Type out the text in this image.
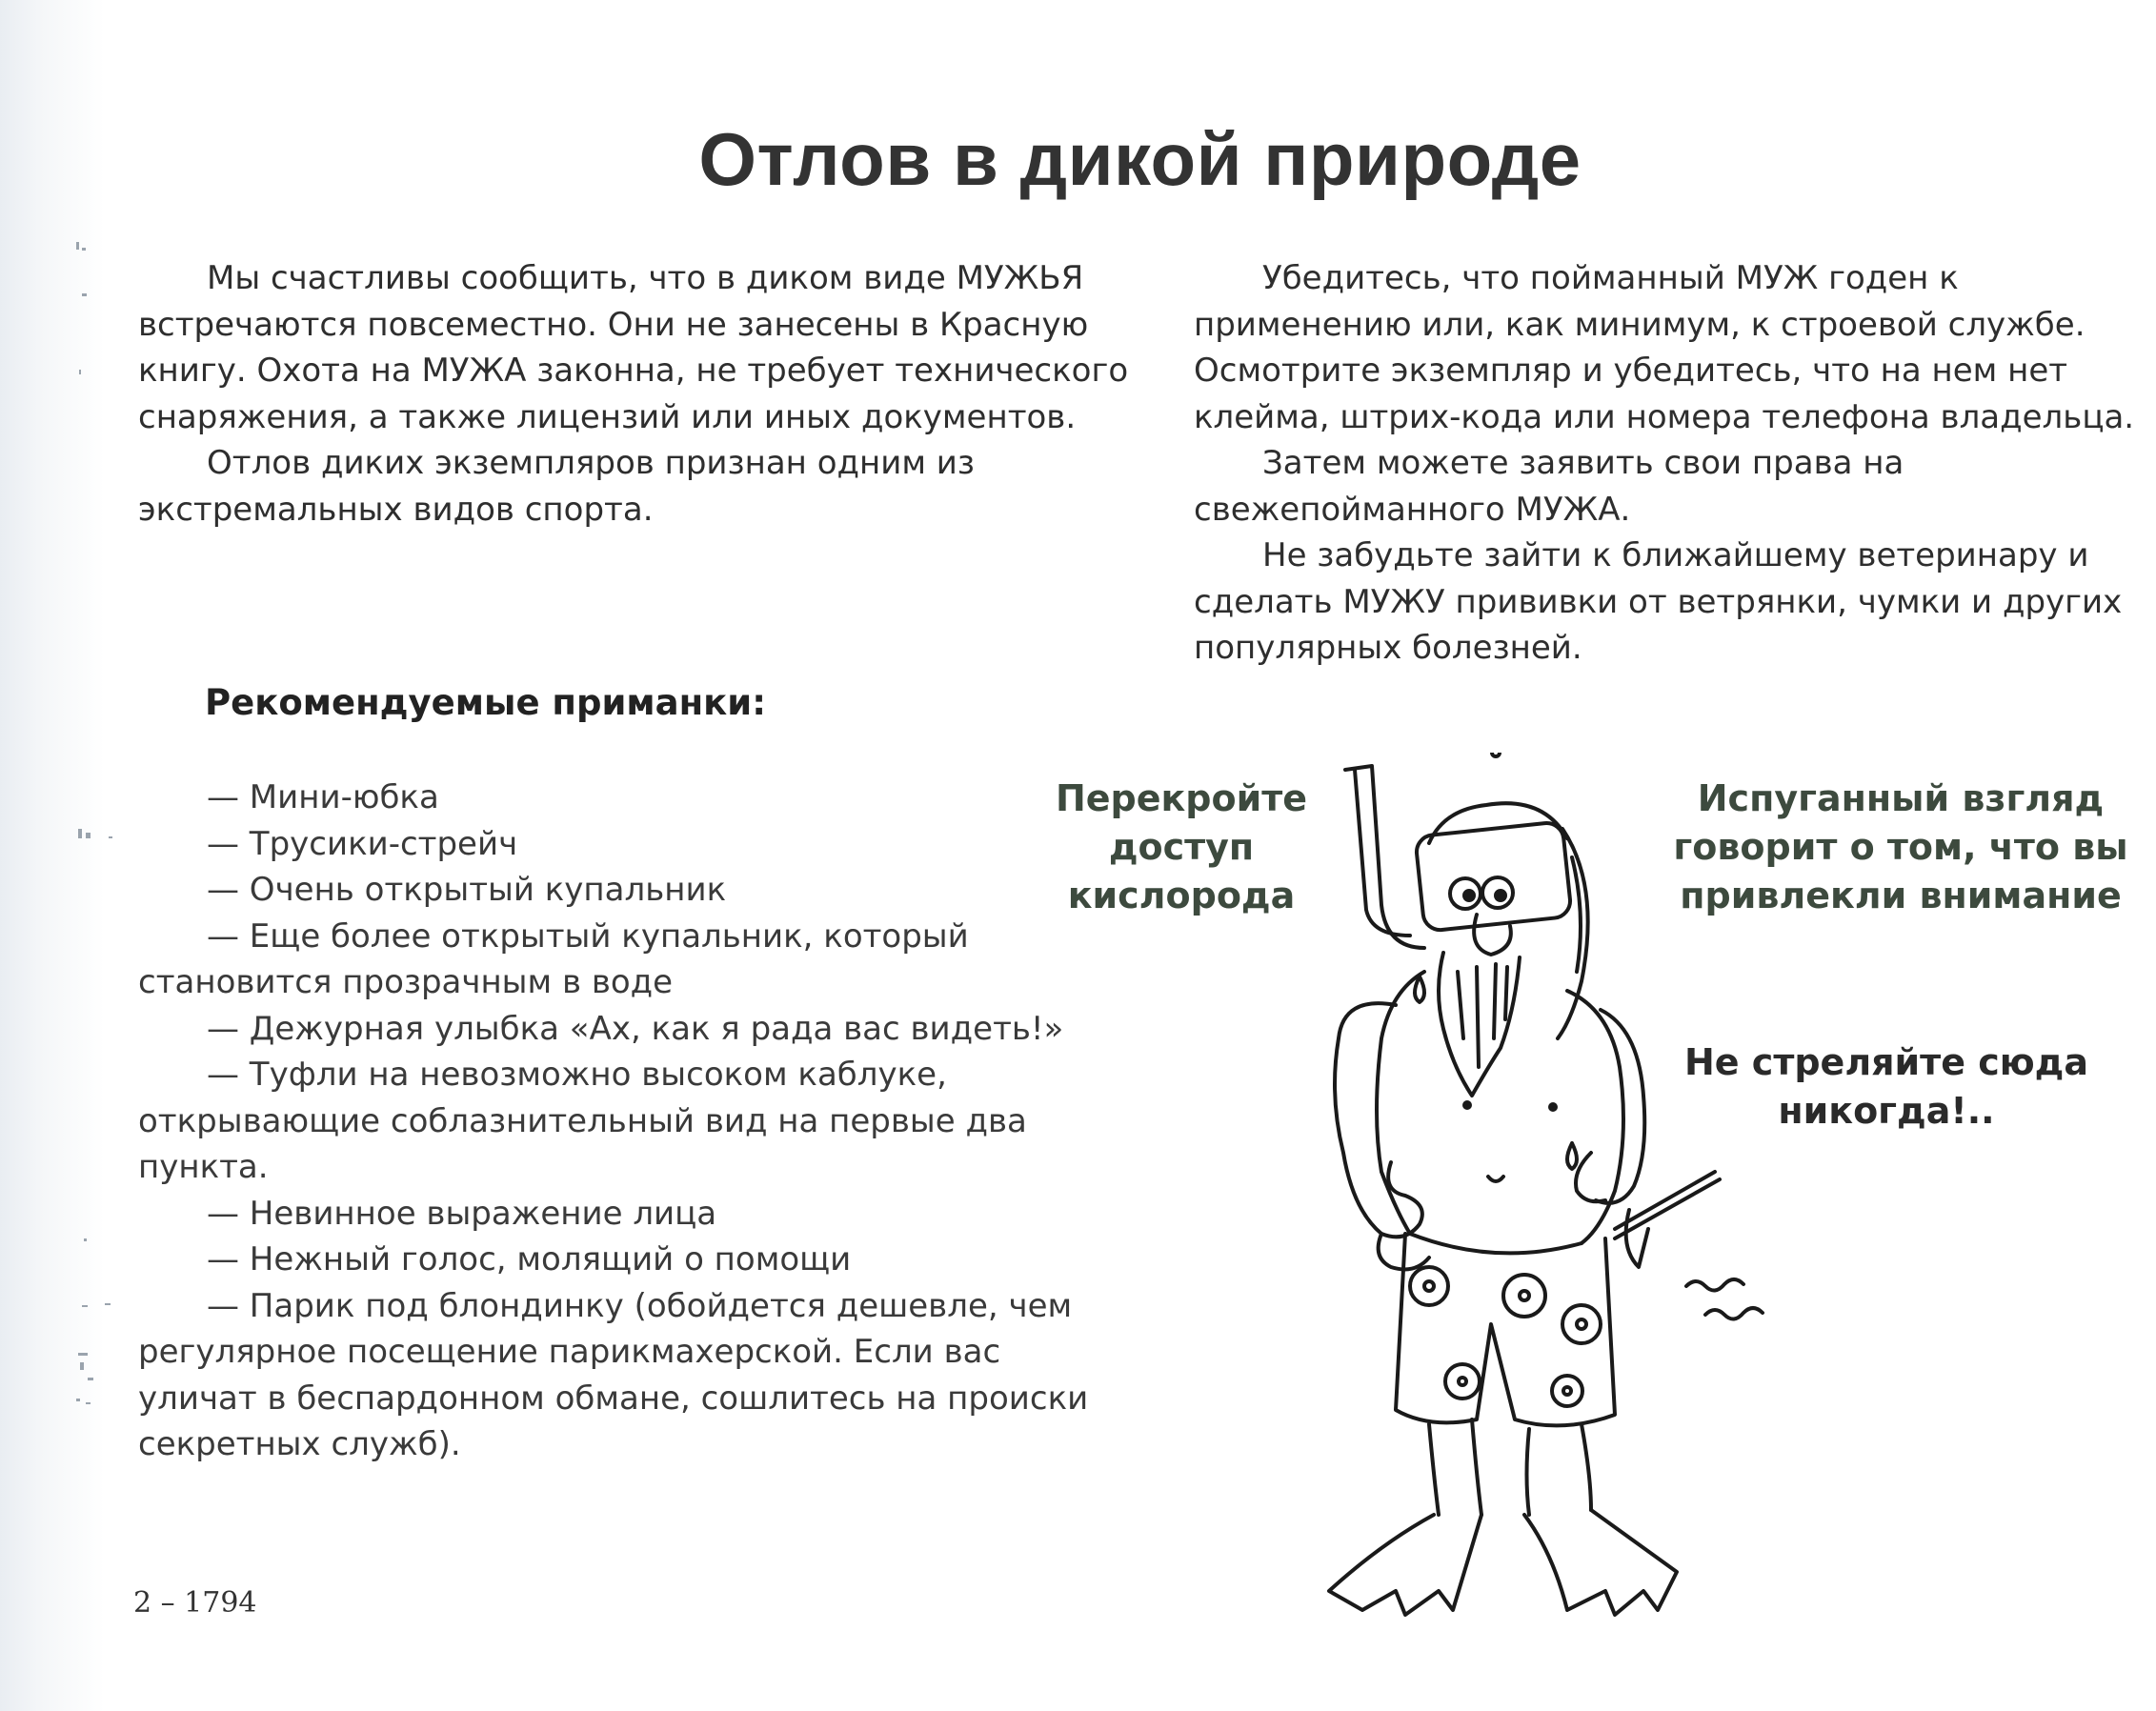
Отлов в дикой природе

Мы счастливы сообщить, что в диком виде МУЖЬЯ встречаются повсеместно. Они не занесены в Красную книгу. Охота на МУЖА законна, не требует технического снаряжения, а также лицензий или иных документов.

Отлов диких экземпляров признан одним из экстремальных видов спорта.

Убедитесь, что пойманный МУЖ годен к применению или, как минимум, к строевой службе. Осмотрите экземпляр и убедитесь, что на нем нет клейма, штрих-кода или номера телефона владельца.

Затем можете заявить свои права на свежепойманного МУЖА.

Не забудьте зайти к ближайшему ветеринару и сделать МУЖУ прививки от ветрянки, чумки и других популярных болезней.

Рекомендуемые приманки:
— Мини-юбка
— Трусики-стрейч
— Очень открытый купальник
— Еще более открытый купальник, который становится прозрачным в воде
— Дежурная улыбка «Ах, как я рада вас видеть!»
— Туфли на невозможно высоком каблуке, открывающие соблазнительный вид на первые два пункта.
— Невинное выражение лица
— Нежный голос, молящий о помощи
— Парик под блондинку (обойдется дешевле, чем регулярное посещение парикмахерской. Если вас уличат в беспардонном обмане, сошлитесь на происки секретных служб).
Перекройте доступ кислорода
Испуганный взгляд говорит о том, что вы привлекли внимание
Не стреляйте сюда никогда!..
2 – 1794
